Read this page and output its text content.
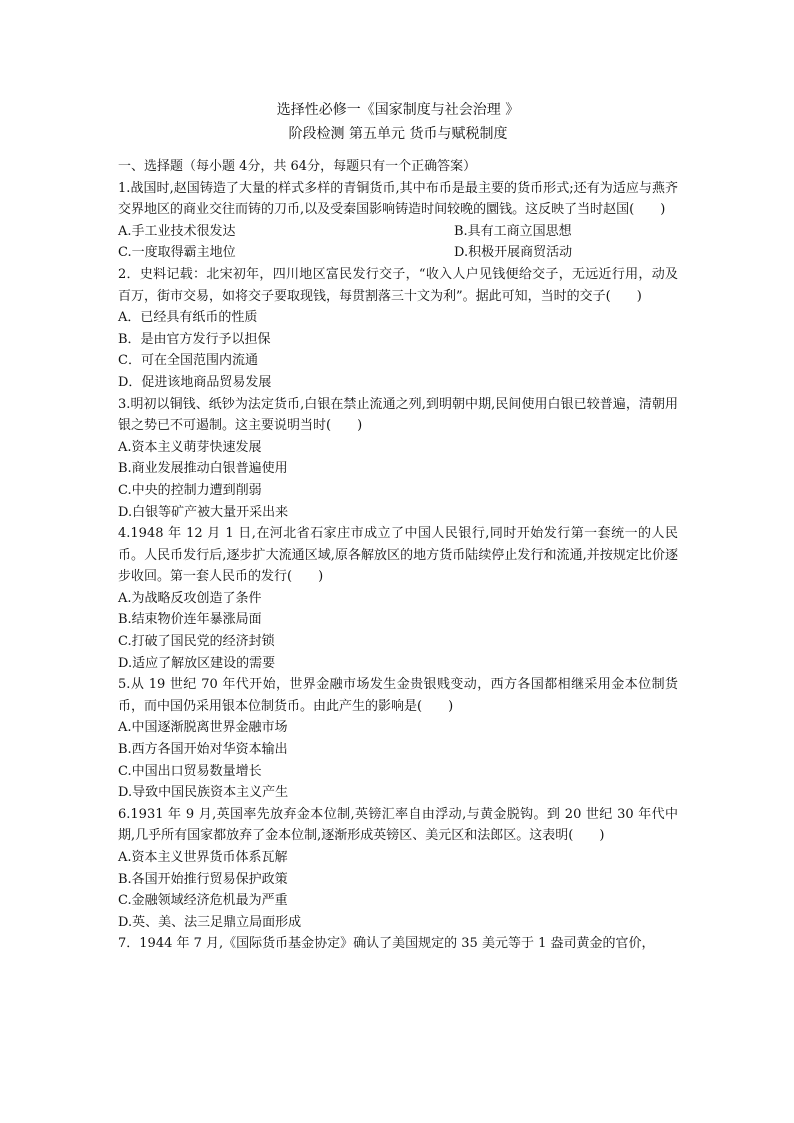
选择性必修一《国家制度与社会治理 》
阶段检测 第五单元 货币与赋税制度
一、选择题（每小题 4分，共 64分，每题只有一个正确答案）

1.战国时,赵国铸造了大量的样式多样的青铜货币,其中布币是最主要的货币形式;还有为适应与燕齐交界地区的商业交往而铸的刀币,以及受秦国影响铸造时间较晚的圜钱。这反映了当时赵国(　　)

A.手工业技术很发达	B.具有工商立国思想
C.一度取得霸主地位	D.积极开展商贸活动

2．史料记载：北宋初年，四川地区富民发行交子，“收入人户见钱便给交子，无远近行用，动及百万，街市交易，如将交子要取现钱，每贯割落三十文为利”。据此可知，当时的交子(　　)

A．已经具有纸币的性质
B．是由官方发行予以担保
C．可在全国范围内流通
D．促进该地商品贸易发展

3.明初以铜钱、纸钞为法定货币,白银在禁止流通之列,到明朝中期,民间使用白银已较普遍，清朝用银之势已不可遏制。这主要说明当时(　　)

A.资本主义萌芽快速发展
B.商业发展推动白银普遍使用
C.中央的控制力遭到削弱
D.白银等矿产被大量开采出来

4.1948 年 12 月 1 日,在河北省石家庄市成立了中国人民银行,同时开始发行第一套统一的人民币。人民币发行后,逐步扩大流通区域,原各解放区的地方货币陆续停止发行和流通,并按规定比价逐步收回。第一套人民币的发行(　　)

A.为战略反攻创造了条件
B.结束物价连年暴涨局面
C.打破了国民党的经济封锁
D.适应了解放区建设的需要

5.从 19 世纪 70 年代开始，世界金融市场发生金贵银贱变动，西方各国都相继采用金本位制货币，而中国仍采用银本位制货币。由此产生的影响是(　　)

A.中国逐渐脱离世界金融市场
B.西方各国开始对华资本输出
C.中国出口贸易数量增长
D.导致中国民族资本主义产生

6.1931 年 9 月,英国率先放弃金本位制,英镑汇率自由浮动,与黄金脱钩。到 20 世纪 30 年代中期,几乎所有国家都放弃了金本位制,逐渐形成英镑区、美元区和法郎区。这表明(　　)

A.资本主义世界货币体系瓦解
B.各国开始推行贸易保护政策
C.金融领域经济危机最为严重
D.英、美、法三足鼎立局面形成

7．1944 年 7 月,《国际货币基金协定》确认了美国规定的 35 美元等于 1 盎司黄金的官价，
